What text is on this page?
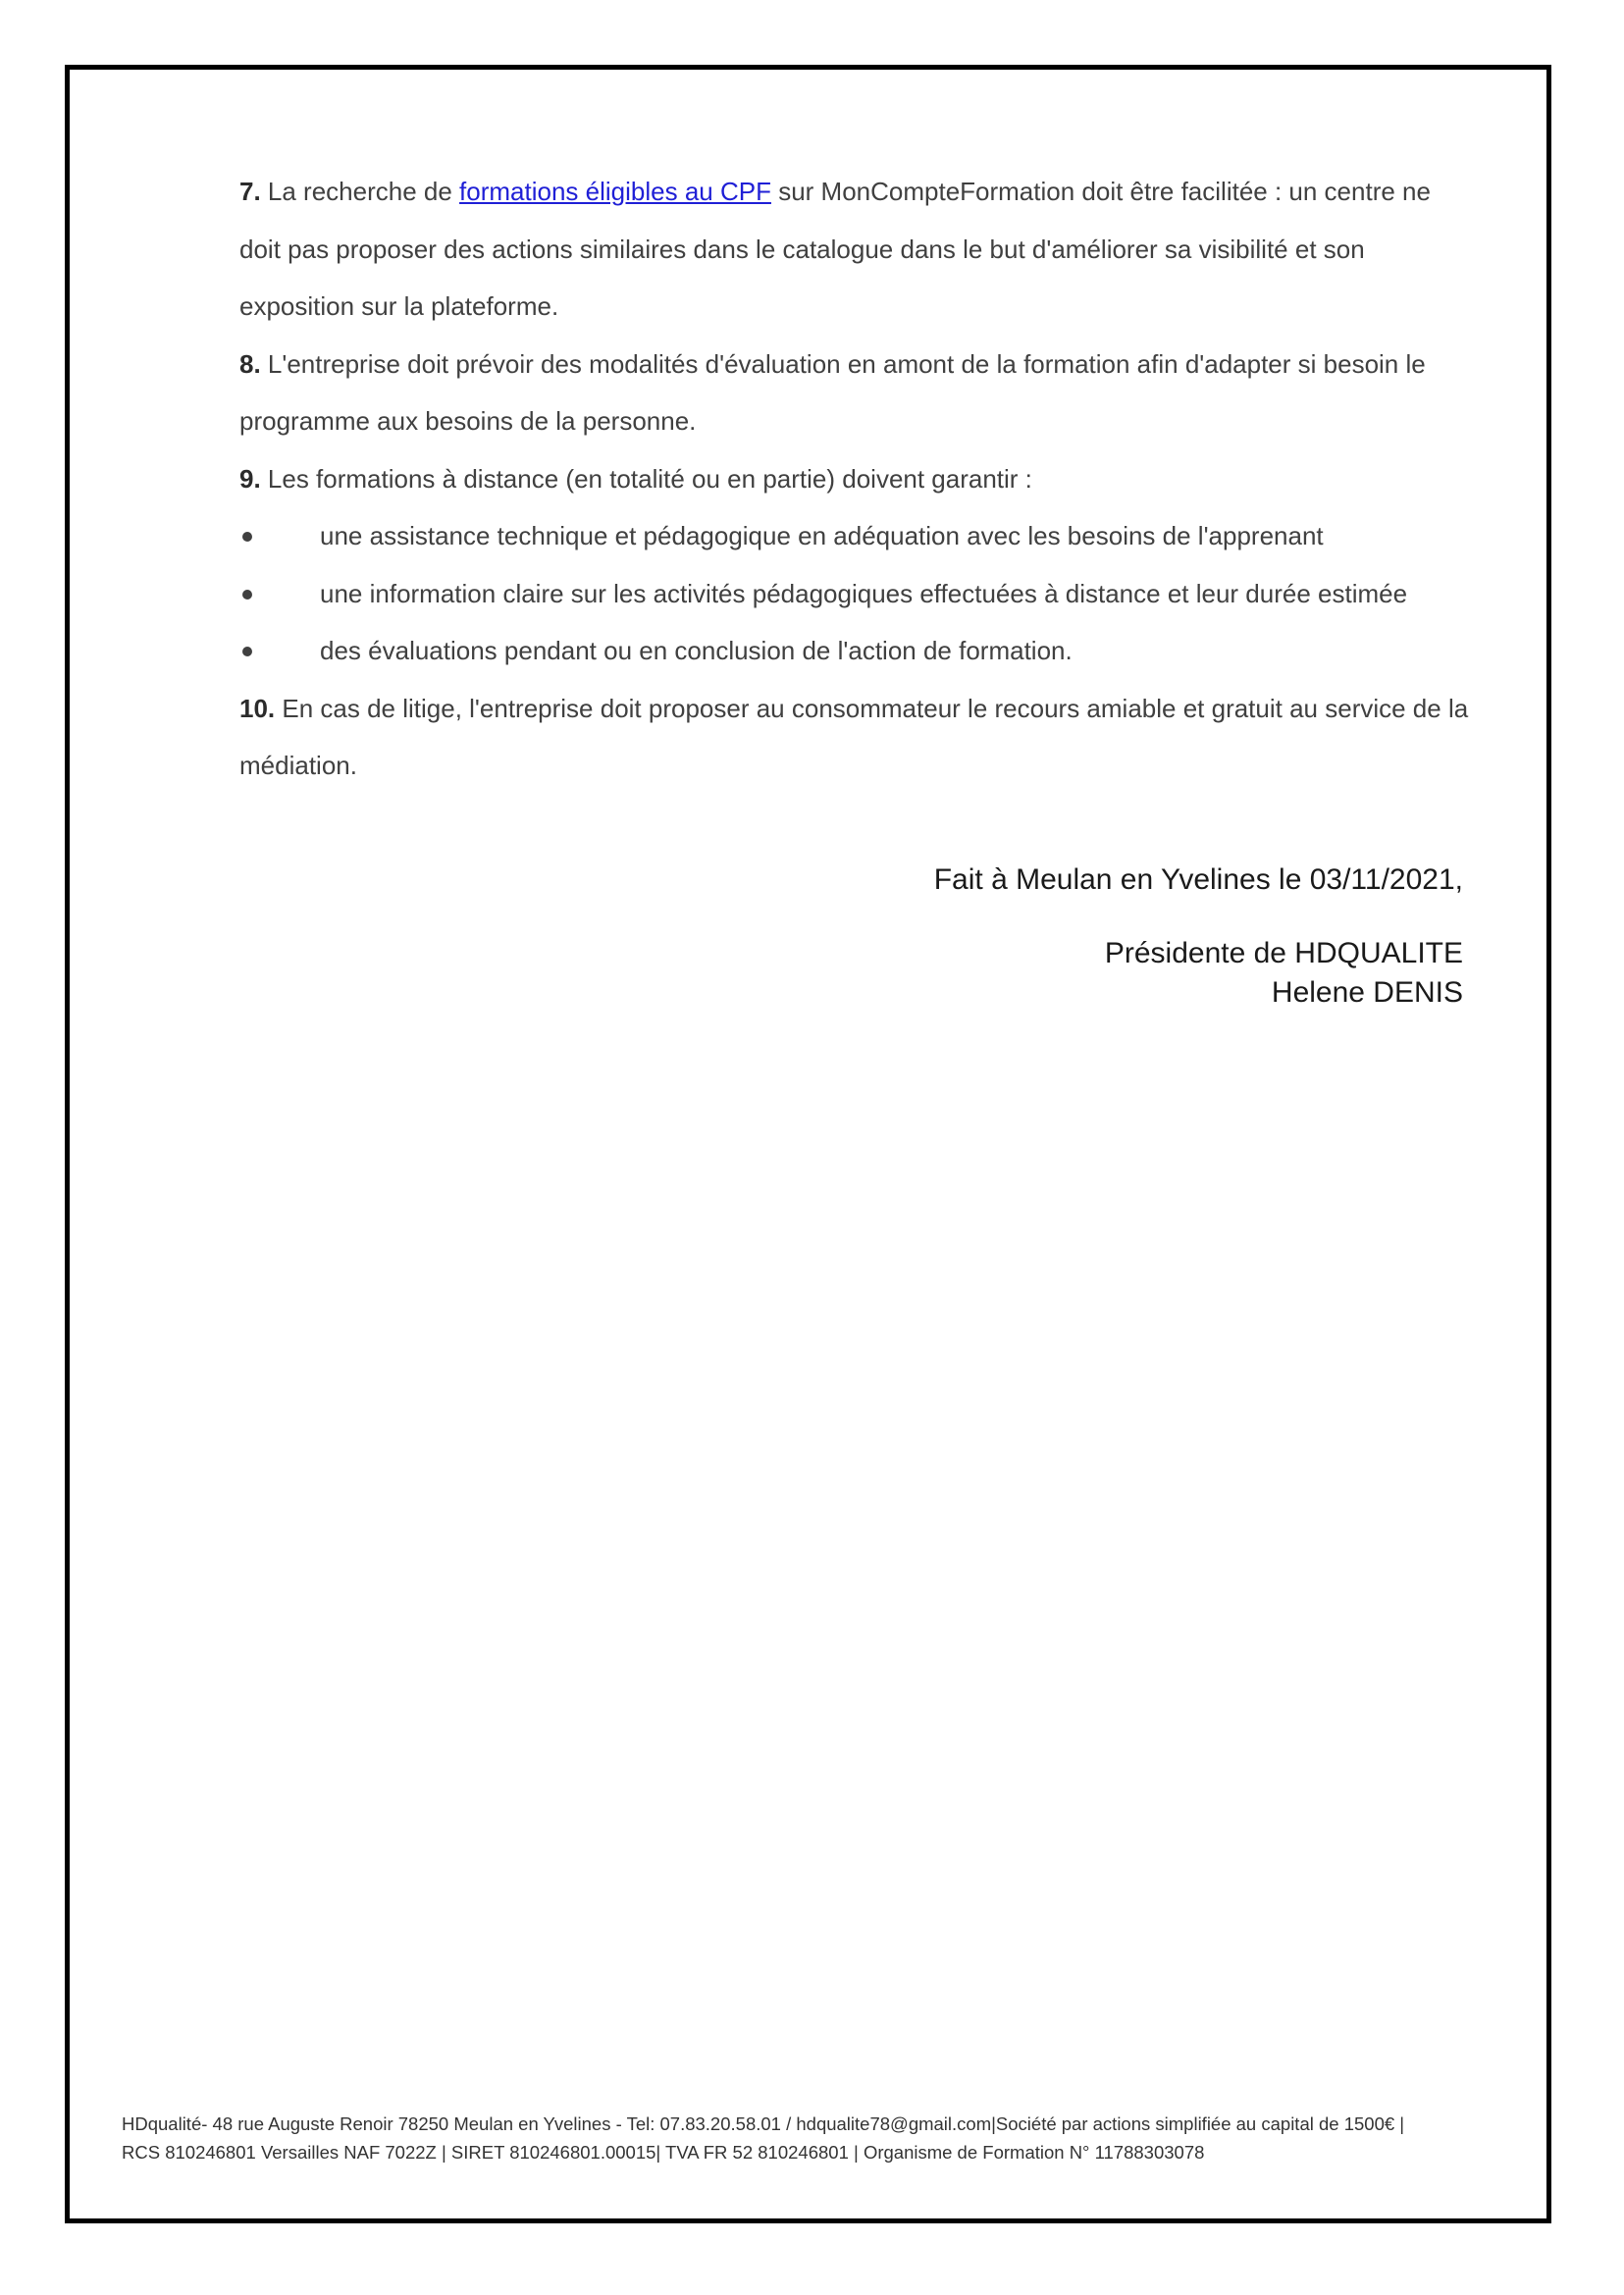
7. La recherche de formations éligibles au CPF sur MonCompteFormation doit être facilitée : un centre ne doit pas proposer des actions similaires dans le catalogue dans le but d'améliorer sa visibilité et son exposition sur la plateforme.

8. L'entreprise doit prévoir des modalités d'évaluation en amont de la formation afin d'adapter si besoin le programme aux besoins de la personne.

9. Les formations à distance (en totalité ou en partie) doivent garantir :

une assistance technique et pédagogique en adéquation avec les besoins de l'apprenant
une information claire sur les activités pédagogiques effectuées à distance et leur durée estimée
des évaluations pendant ou en conclusion de l'action de formation.

10. En cas de litige, l'entreprise doit proposer au consommateur le recours amiable et gratuit au service de la médiation.

Fait à Meulan en Yvelines le 03/11/2021,
Présidente de HDQUALITE
Helene DENIS
HDqualité- 48 rue Auguste Renoir 78250 Meulan en Yvelines - Tel: 07.83.20.58.01 / hdqualite78@gmail.com|Société par actions simplifiée au capital de 1500€ |
RCS 810246801 Versailles NAF 7022Z | SIRET 810246801.00015| TVA FR 52 810246801 | Organisme de Formation N° 11788303078
